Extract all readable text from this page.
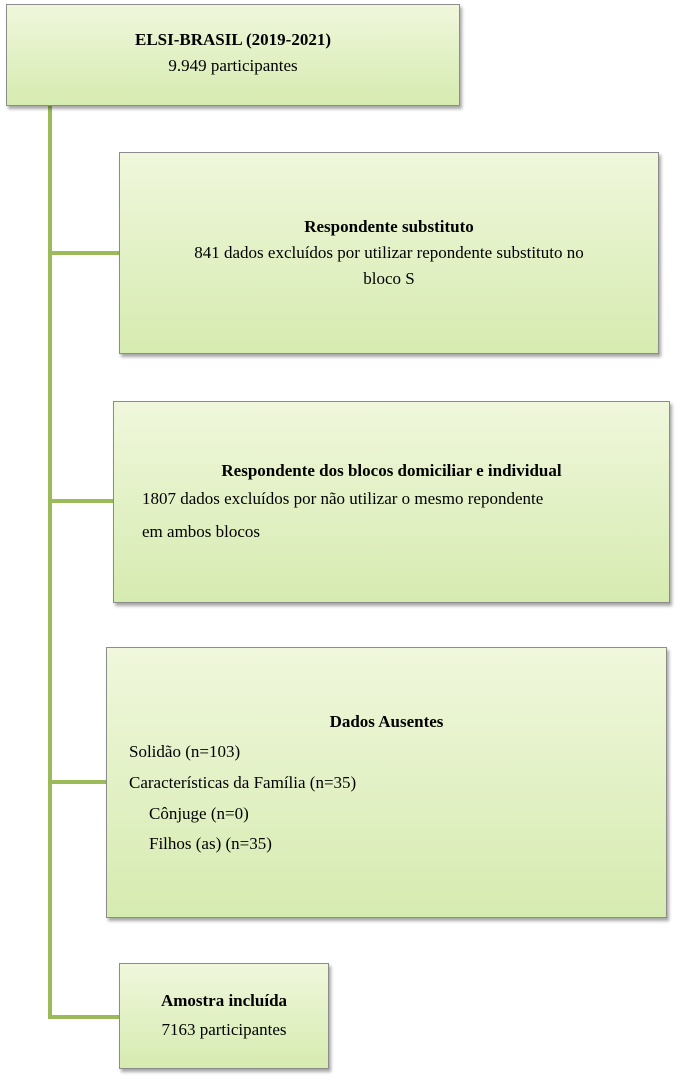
ELSI-BRASIL (2019-2021)
9.949 participantes
Respondente substituto
841 dados excluídos por utilizar repondente substituto no
bloco S
Respondente dos blocos domiciliar e individual
1807 dados excluídos por não utilizar o mesmo repondente
em ambos blocos
Dados Ausentes
Solidão (n=103)
Características da Família (n=35)
Cônjuge (n=0)
Filhos (as) (n=35)
Amostra incluída
7163 participantes
